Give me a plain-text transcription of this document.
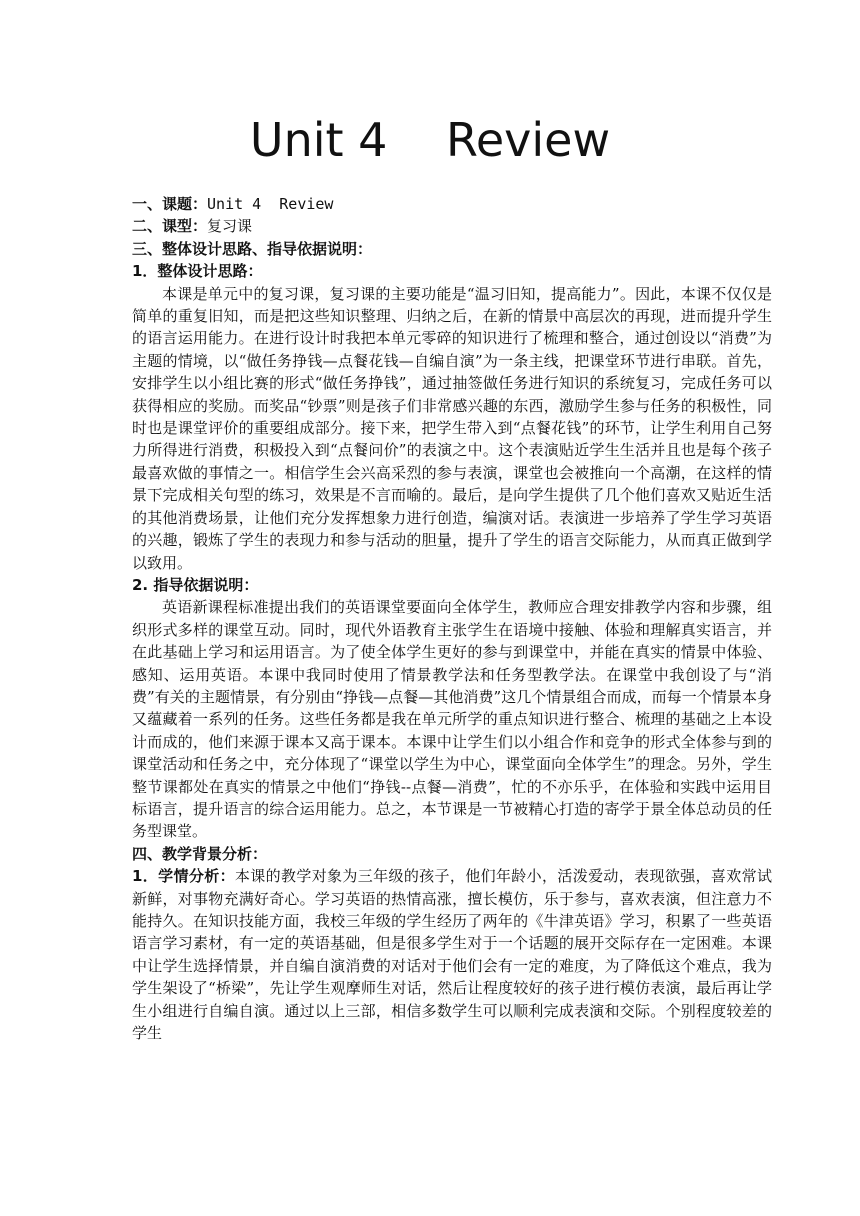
Unit 4    Review

一、课题：Unit 4  Review

二、课型：复习课

三、整体设计思路、指导依据说明：

1．整体设计思路：

本课是单元中的复习课，复习课的主要功能是“温习旧知，提高能力”。因此，本课不仅仅是简单的重复旧知，而是把这些知识整理、归纳之后，在新的情景中高层次的再现，进而提升学生的语言运用能力。在进行设计时我把本单元零碎的知识进行了梳理和整合，通过创设以“消费”为主题的情境，以“做任务挣钱—点餐花钱—自编自演”为一条主线，把课堂环节进行串联。首先，安排学生以小组比赛的形式“做任务挣钱”，通过抽签做任务进行知识的系统复习，完成任务可以获得相应的奖励。而奖品“钞票”则是孩子们非常感兴趣的东西，激励学生参与任务的积极性，同时也是课堂评价的重要组成部分。接下来，把学生带入到“点餐花钱”的环节，让学生利用自己努力所得进行消费，积极投入到“点餐问价”的表演之中。这个表演贴近学生生活并且也是每个孩子最喜欢做的事情之一。相信学生会兴高采烈的参与表演，课堂也会被推向一个高潮，在这样的情景下完成相关句型的练习，效果是不言而喻的。最后，是向学生提供了几个他们喜欢又贴近生活的其他消费场景，让他们充分发挥想象力进行创造，编演对话。表演进一步培养了学生学习英语的兴趣，锻炼了学生的表现力和参与活动的胆量，提升了学生的语言交际能力，从而真正做到学以致用。

2. 指导依据说明：

英语新课程标准提出我们的英语课堂要面向全体学生，教师应合理安排教学内容和步骤，组织形式多样的课堂互动。同时，现代外语教育主张学生在语境中接触、体验和理解真实语言，并在此基础上学习和运用语言。为了使全体学生更好的参与到课堂中，并能在真实的情景中体验、感知、运用英语。本课中我同时使用了情景教学法和任务型教学法。在课堂中我创设了与“消费”有关的主题情景，有分别由“挣钱—点餐—其他消费”这几个情景组合而成，而每一个情景本身又蕴藏着一系列的任务。这些任务都是我在单元所学的重点知识进行整合、梳理的基础之上本设计而成的，他们来源于课本又高于课本。本课中让学生们以小组合作和竞争的形式全体参与到的课堂活动和任务之中，充分体现了“课堂以学生为中心，课堂面向全体学生”的理念。另外，学生整节课都处在真实的情景之中他们“挣钱--点餐—消费”，忙的不亦乐乎，在体验和实践中运用目标语言，提升语言的综合运用能力。总之，本节课是一节被精心打造的寄学于景全体总动员的任务型课堂。

四、教学背景分析：

1．学情分析：本课的教学对象为三年级的孩子，他们年龄小，活泼爱动，表现欲强，喜欢常试新鲜，对事物充满好奇心。学习英语的热情高涨，擅长模仿，乐于参与，喜欢表演，但注意力不能持久。在知识技能方面，我校三年级的学生经历了两年的《牛津英语》学习，积累了一些英语语言学习素材，有一定的英语基础，但是很多学生对于一个话题的展开交际存在一定困难。本课中让学生选择情景，并自编自演消费的对话对于他们会有一定的难度，为了降低这个难点，我为学生架设了“桥梁”，先让学生观摩师生对话，然后让程度较好的孩子进行模仿表演，最后再让学生小组进行自编自演。通过以上三部，相信多数学生可以顺利完成表演和交际。个别程度较差的学生
